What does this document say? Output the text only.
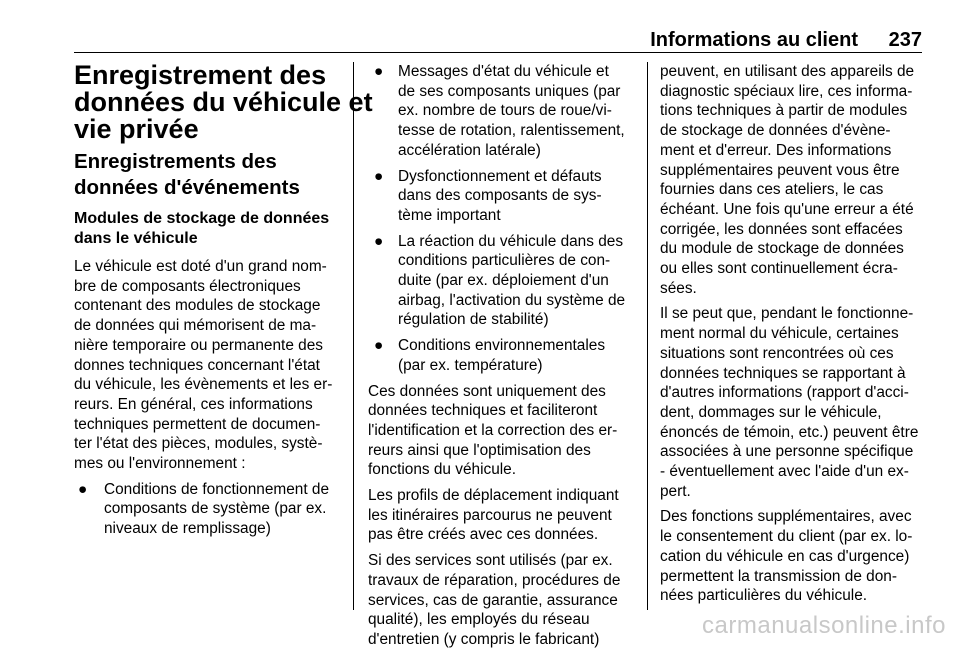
Informations au client 237
Enregistrement des
données du véhicule et
vie privée
Enregistrements des
données d'événements
Modules de stockage de données
dans le véhicule
Le véhicule est doté d'un grand nom-
bre de composants électroniques
contenant des modules de stockage
de données qui mémorisent de ma-
nière temporaire ou permanente des
donnes techniques concernant l'état
du véhicule, les évènements et les er-
reurs. En général, ces informations
techniques permettent de documen-
ter l'état des pièces, modules, systè-
mes ou l'environnement :
● Conditions de fonctionnement de
composants de système (par ex.
niveaux de remplissage)
● Messages d'état du véhicule et
de ses composants uniques (par
ex. nombre de tours de roue/vi-
tesse de rotation, ralentissement,
accélération latérale)
● Dysfonctionnement et défauts
dans des composants de sys-
tème important
● La réaction du véhicule dans des
conditions particulières de con-
duite (par ex. déploiement d'un
airbag, l'activation du système de
régulation de stabilité)
● Conditions environnementales
(par ex. température)
Ces données sont uniquement des
données techniques et faciliteront
l'identification et la correction des er-
reurs ainsi que l'optimisation des
fonctions du véhicule.
Les profils de déplacement indiquant
les itinéraires parcourus ne peuvent
pas être créés avec ces données.
Si des services sont utilisés (par ex.
travaux de réparation, procédures de
services, cas de garantie, assurance
qualité), les employés du réseau
d'entretien (y compris le fabricant)
peuvent, en utilisant des appareils de
diagnostic spéciaux lire, ces informa-
tions techniques à partir de modules
de stockage de données d'évène-
ment et d'erreur. Des informations
supplémentaires peuvent vous être
fournies dans ces ateliers, le cas
échéant. Une fois qu'une erreur a été
corrigée, les données sont effacées
du module de stockage de données
ou elles sont continuellement écra-
sées.
Il se peut que, pendant le fonctionne-
ment normal du véhicule, certaines
situations sont rencontrées où ces
données techniques se rapportant à
d'autres informations (rapport d'acci-
dent, dommages sur le véhicule,
énoncés de témoin, etc.) peuvent être
associées à une personne spécifique
- éventuellement avec l'aide d'un ex-
pert.
Des fonctions supplémentaires, avec
le consentement du client (par ex. lo-
cation du véhicule en cas d'urgence)
permettent la transmission de don-
nées particulières du véhicule.
carmanualsonline.info
